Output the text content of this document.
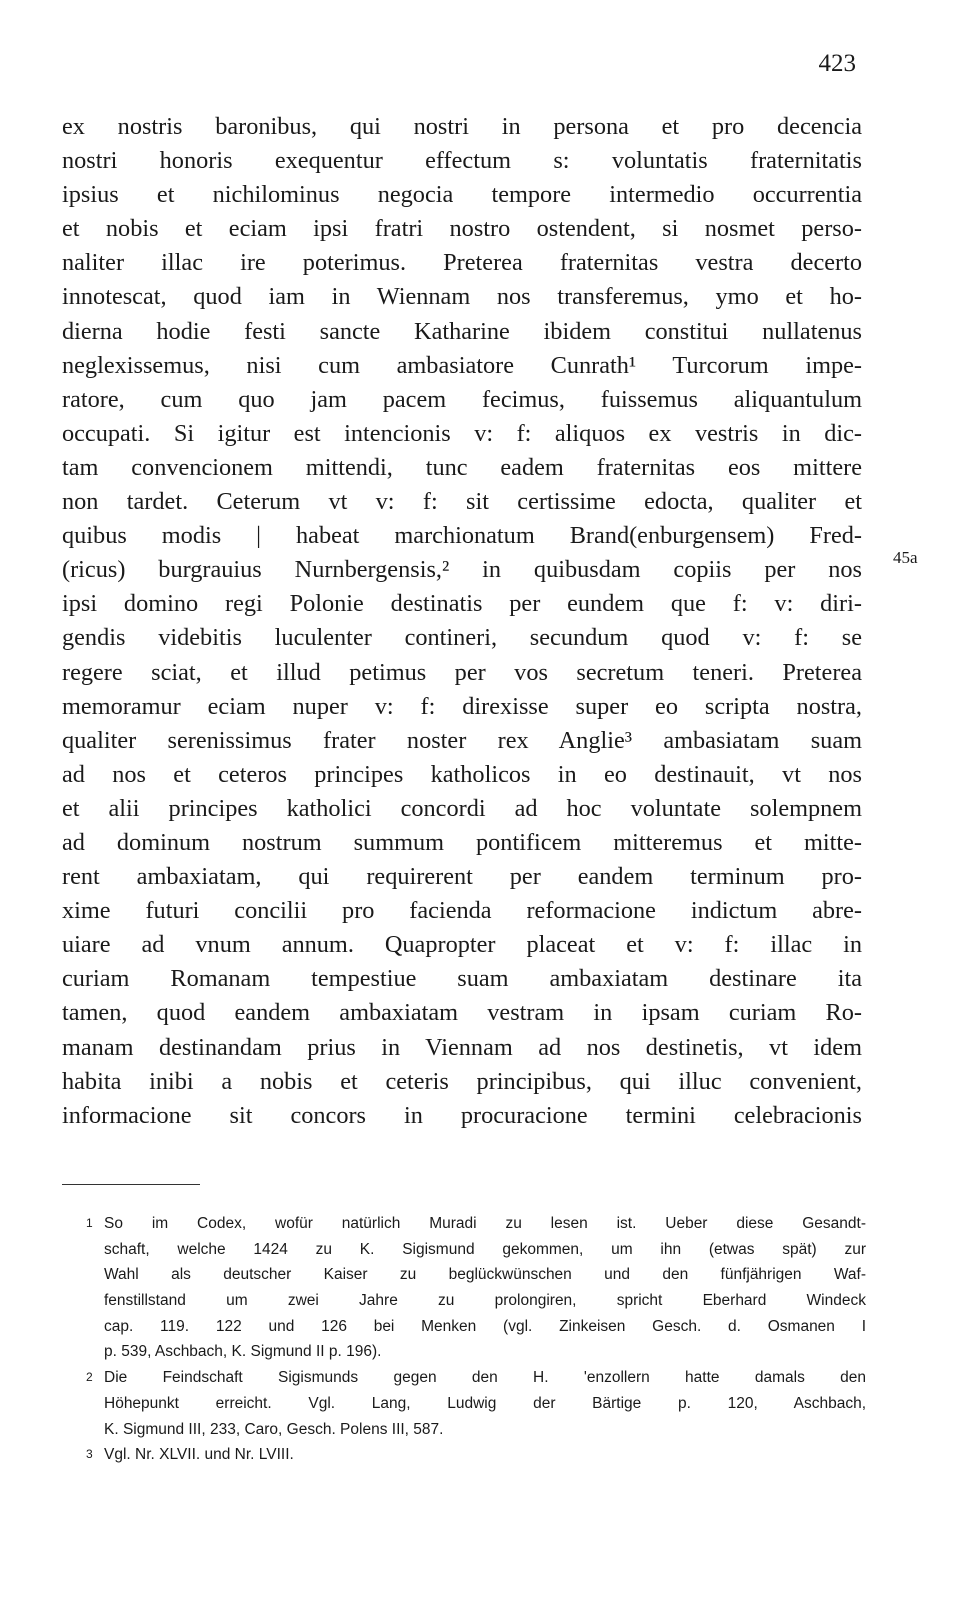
423
ex nostris baronibus, qui nostri in persona et pro decencia
nostri honoris exequentur effectum s: voluntatis fraternitatis
ipsius et nichilominus negocia tempore intermedio occurrentia
et nobis et eciam ipsi fratri nostro ostendent, si nosmet perso-
naliter illac ire poterimus. Preterea fraternitas vestra decerto
innotescat, quod iam in Wiennam nos transferemus, ymo et ho-
dierna hodie festi sancte Katharine ibidem constitui nullatenus
neglexissemus, nisi cum ambasiatore Cunrath¹ Turcorum impe-
ratore, cum quo jam pacem fecimus, fuissemus aliquantulum
occupati. Si igitur est intencionis v: f: aliquos ex vestris in dic-
tam convencionem mittendi, tunc eadem fraternitas eos mittere
non tardet. Ceterum vt v: f: sit certissime edocta, qualiter et
quibus modis | habeat marchionatum Brand(enburgensem) Fred-
(ricus) burgrauius Nurnbergensis,² in quibusdam copiis per nos
ipsi domino regi Polonie destinatis per eundem que f: v: diri-
gendis videbitis luculenter contineri, secundum quod v: f: se
regere sciat, et illud petimus per vos secretum teneri. Preterea
memoramur eciam nuper v: f: direxisse super eo scripta nostra,
qualiter serenissimus frater noster rex Anglie³ ambasiatam suam
ad nos et ceteros principes katholicos in eo destinauit, vt nos
et alii principes katholici concordi ad hoc voluntate solempnem
ad dominum nostrum summum pontificem mitteremus et mitte-
rent ambaxiatam, qui requirerent per eandem terminum pro-
xime futuri concilii pro facienda reformacione indictum abre-
uiare ad vnum annum. Quapropter placeat et v: f: illac in
curiam Romanam tempestiue suam ambaxiatam destinare ita
tamen, quod eandem ambaxiatam vestram in ipsam curiam Ro-
manam destinandam prius in Viennam ad nos destinetis, vt idem
habita inibi a nobis et ceteris principibus, qui illuc convenient,
informacione sit concors in procuracione termini celebracionis
45a
1 So im Codex, wofür natürlich Muradi zu lesen ist. Ueber diese Gesandt-
schaft, welche 1424 zu K. Sigismund gekommen, um ihn (etwas spät) zur
Wahl als deutscher Kaiser zu beglückwünschen und den fünfjährigen Waf-
fenstillstand um zwei Jahre zu prolongiren, spricht Eberhard Windeck
cap. 119. 122 und 126 bei Menken (vgl. Zinkeisen Gesch. d. Osmanen I
p. 539, Aschbach, K. Sigmund II p. 196).
2 Die Feindschaft Sigismunds gegen den H. 'enzollern hatte damals den
Höhepunkt erreicht. Vgl. Lang, Ludwig der Bärtige p. 120, Aschbach,
K. Sigmund III, 233, Caro, Gesch. Polens III, 587.
3 Vgl. Nr. XLVII. und Nr. LVIII.
